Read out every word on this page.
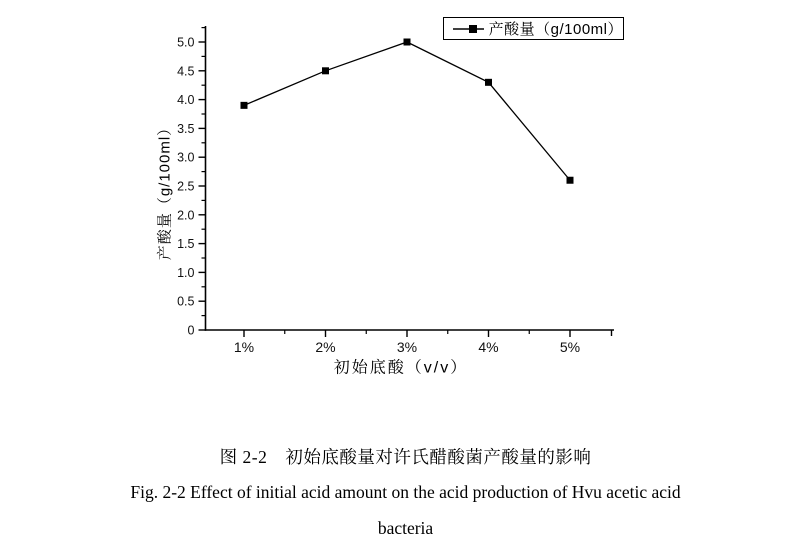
0
0.5
1.0
1.5
2.0
2.5
3.0
3.5
4.0
4.5
5.0
1%	2%	3%	4%	5%
产酸量（g/100ml）
产酸量（g/100ml）
初始底酸（v/v）
图 2-2　初始底酸量对许氏醋酸菌产酸量的影响
Fig. 2-2 Effect of initial acid amount on the acid production of Hvu acetic acid
bacteria
